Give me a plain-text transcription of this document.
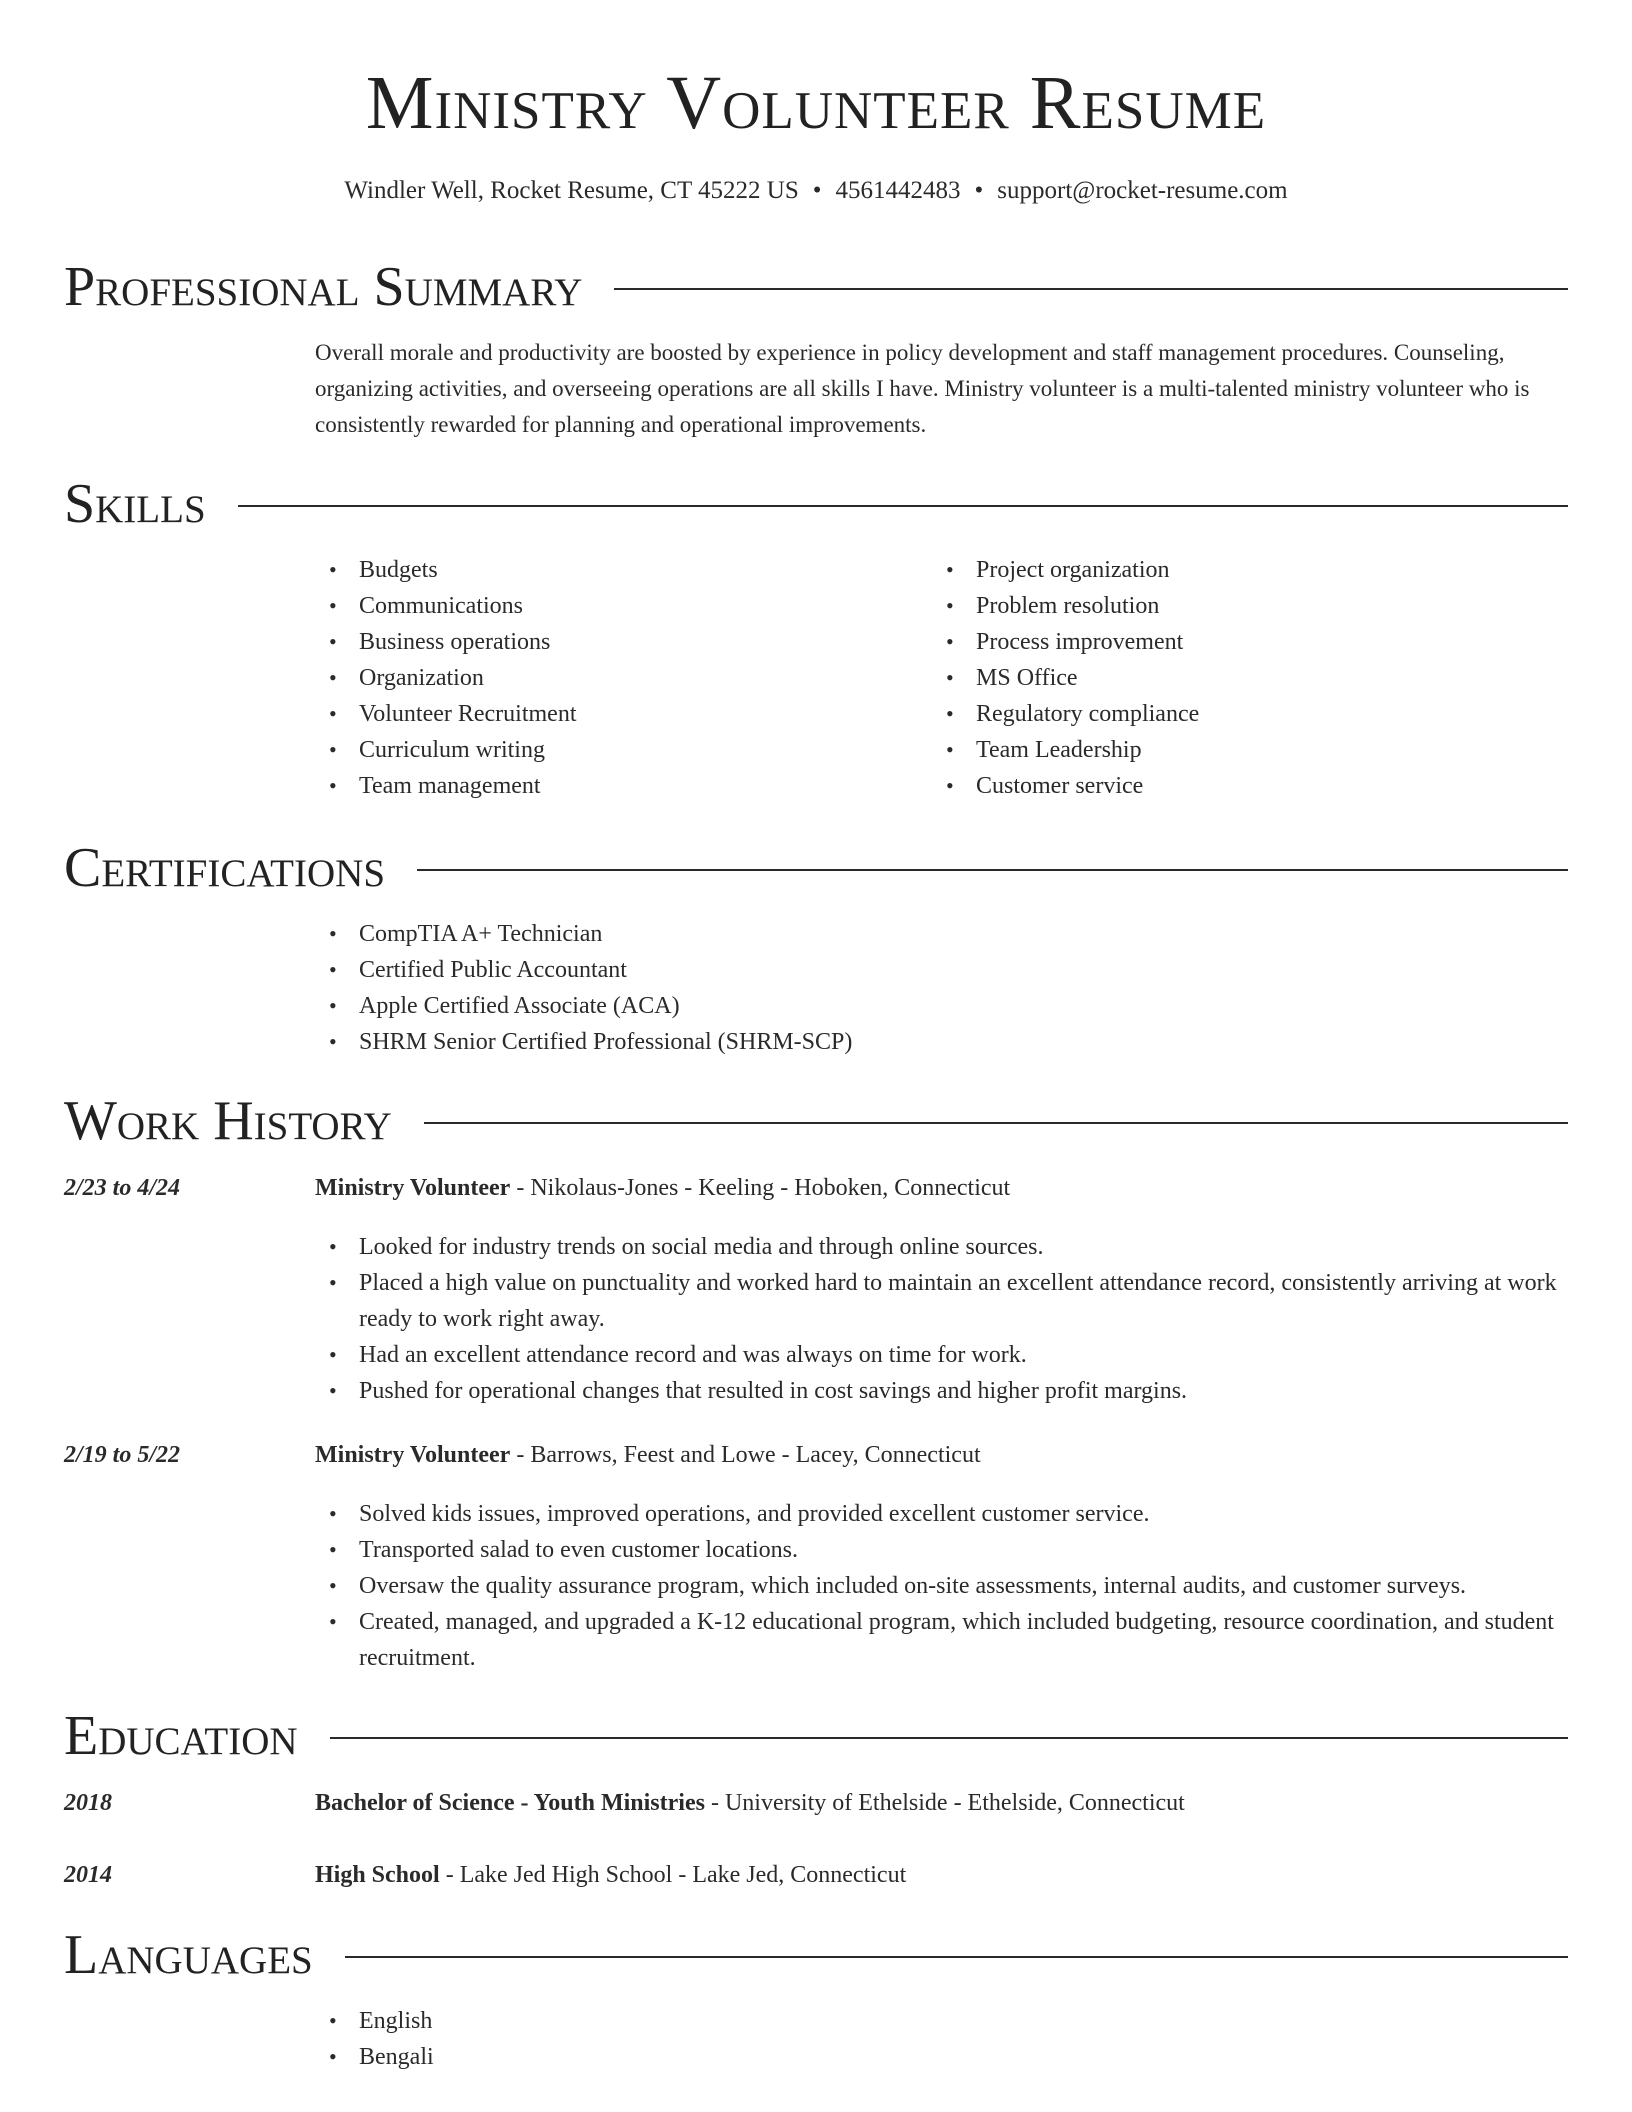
Ministry Volunteer Resume
Windler Well, Rocket Resume, CT 45222 US • 4561442483 • support@rocket-resume.com
Professional Summary
Overall morale and productivity are boosted by experience in policy development and staff management procedures. Counseling, organizing activities, and overseeing operations are all skills I have. Ministry volunteer is a multi-talented ministry volunteer who is consistently rewarded for planning and operational improvements.
Skills
• Budgets
• Communications
• Business operations
• Organization
• Volunteer Recruitment
• Curriculum writing
• Team management
• Project organization
• Problem resolution
• Process improvement
• MS Office
• Regulatory compliance
• Team Leadership
• Customer service
Certifications
• CompTIA A+ Technician
• Certified Public Accountant
• Apple Certified Associate (ACA)
• SHRM Senior Certified Professional (SHRM-SCP)
Work History
2/23 to 4/24	Ministry Volunteer - Nikolaus-Jones - Keeling - Hoboken, Connecticut
• Looked for industry trends on social media and through online sources.
• Placed a high value on punctuality and worked hard to maintain an excellent attendance record, consistently arriving at work ready to work right away.
• Had an excellent attendance record and was always on time for work.
• Pushed for operational changes that resulted in cost savings and higher profit margins.
2/19 to 5/22	Ministry Volunteer - Barrows, Feest and Lowe - Lacey, Connecticut
• Solved kids issues, improved operations, and provided excellent customer service.
• Transported salad to even customer locations.
• Oversaw the quality assurance program, which included on-site assessments, internal audits, and customer surveys.
• Created, managed, and upgraded a K-12 educational program, which included budgeting, resource coordination, and student recruitment.
Education
2018	Bachelor of Science - Youth Ministries - University of Ethelside - Ethelside, Connecticut
2014	High School - Lake Jed High School - Lake Jed, Connecticut
Languages
• English
• Bengali
